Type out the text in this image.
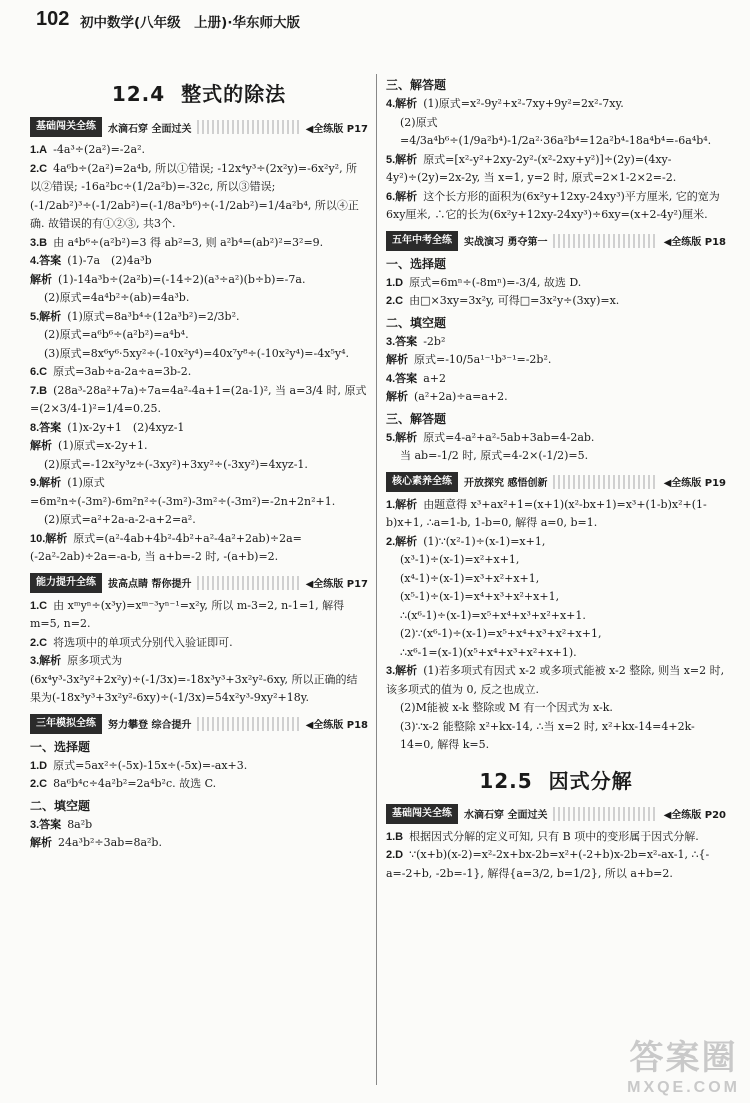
102 初中数学(八年级　上册)·华东师大版
12.4 整式的除法
基础闯关全练	水滴石穿 全面过关	◀全练版 P17

1.A -4a³÷(2a²)=-2a².

2.C 4a⁶b÷(2a²)=2a⁴b, 所以①错误; -12x⁴y³÷(2x²y)=-6x²y², 所以②错误; -16a²bc÷(1/2a²b)=-32c, 所以③错误; (-1/2ab²)³÷(-1/2ab²)=(-1/8a³b⁶)÷(-1/2ab²)=1/4a²b⁴, 所以④正确. 故错误的有①②③, 共3个.

3.B 由 a⁴b⁶÷(a²b²)=3 得 ab²=3, 则 a²b⁴=(ab²)²=3²=9.

4.答案 (1)-7a　(2)4a³b

解析 (1)-14a³b÷(2a²b)=(-14÷2)(a³÷a²)(b÷b)=-7a.

(2)原式=4a⁴b²÷(ab)=4a³b.

5.解析 (1)原式=8a³b⁴÷(12a³b²)=2/3b².

(2)原式=a⁶b⁶÷(a²b²)=a⁴b⁴.

(3)原式=8x⁶y⁶·5xy²÷(-10x²y⁴)=40x⁷y⁸÷(-10x²y⁴)=-4x⁵y⁴.

6.C 原式=3ab÷a-2a÷a=3b-2.

7.B (28a³-28a²+7a)÷7a=4a²-4a+1=(2a-1)², 当 a=3/4 时, 原式=(2×3/4-1)²=1/4=0.25.

8.答案 (1)x-2y+1　(2)4xyz-1

解析 (1)原式=x-2y+1.

(2)原式=-12x²y³z÷(-3xy²)+3xy²÷(-3xy²)=4xyz-1.

9.解析 (1)原式=6m²n÷(-3m²)-6m²n²÷(-3m²)-3m²÷(-3m²)=-2n+2n²+1.

(2)原式=a²+2a-a-2-a+2=a².

10.解析 原式=(a²-4ab+4b²-4b²+a²-4a²+2ab)÷2a=(-2a²-2ab)÷2a=-a-b, 当 a+b=-2 时, -(a+b)=2.

能力提升全练	拔高点睛 帮你提升	◀全练版 P17

1.C 由 xᵐyⁿ÷(x³y)=xᵐ⁻³yⁿ⁻¹=x²y, 所以 m-3=2, n-1=1, 解得 m=5, n=2.

2.C 将选项中的单项式分别代入验证即可.

3.解析 原多项式为(6x⁴y³-3x²y²+2x²y)÷(-1/3x)=-18x³y³+3x²y²-6xy, 所以正确的结果为(-18x³y³+3x²y²-6xy)÷(-1/3x)=54x²y³-9xy²+18y.

三年模拟全练	努力攀登 综合提升	◀全练版 P18
一、选择题

1.D 原式=5ax²÷(-5x)-15x÷(-5x)=-ax+3.

2.C 8a⁶b⁴c÷4a²b²=2a⁴b²c. 故选 C.

二、填空题

3.答案 8a²b

解析 24a³b²÷3ab=8a²b.

三、解答题

4.解析 (1)原式=x²-9y²+x²-7xy+9y²=2x²-7xy.

(2)原式=4/3a⁴b⁶÷(1/9a²b⁴)-1/2a²·36a²b⁴=12a²b⁴-18a⁴b⁴=-6a⁴b⁴.

5.解析 原式=[x²-y²+2xy-2y²-(x²-2xy+y²)]÷(2y)=(4xy-4y²)÷(2y)=2x-2y, 当 x=1, y=2 时, 原式=2×1-2×2=-2.

6.解析 这个长方形的面积为(6x²y+12xy-24xy³)平方厘米, 它的宽为6xy厘米, ∴它的长为(6x²y+12xy-24xy³)÷6xy=(x+2-4y²)厘米.

五年中考全练	实战演习 勇夺第一	◀全练版 P18
一、选择题

1.D 原式=6mⁿ÷(-8mⁿ)=-3/4, 故选 D.

2.C 由□×3xy=3x²y, 可得□=3x²y÷(3xy)=x.

二、填空题

3.答案 -2b²

解析 原式=-10/5a¹⁻¹b³⁻¹=-2b².

4.答案 a+2

解析 (a²+2a)÷a=a+2.

三、解答题

5.解析 原式=4-a²+a²-5ab+3ab=4-2ab.

当 ab=-1/2 时, 原式=4-2×(-1/2)=5.

核心素养全练	开放探究 感悟创新	◀全练版 P19

1.解析 由题意得 x³+ax²+1=(x+1)(x²-bx+1)=x³+(1-b)x²+(1-b)x+1, ∴a=1-b, 1-b=0, 解得 a=0, b=1.

2.解析 (1)∵(x²-1)÷(x-1)=x+1,

(x³-1)÷(x-1)=x²+x+1,

(x⁴-1)÷(x-1)=x³+x²+x+1,

(x⁵-1)÷(x-1)=x⁴+x³+x²+x+1,

∴(x⁶-1)÷(x-1)=x⁵+x⁴+x³+x²+x+1.

(2)∵(x⁶-1)÷(x-1)=x⁵+x⁴+x³+x²+x+1,

∴x⁶-1=(x-1)(x⁵+x⁴+x³+x²+x+1).

3.解析 (1)若多项式有因式 x-2 或多项式能被 x-2 整除, 则当 x=2 时, 该多项式的值为 0, 反之也成立.

(2)M能被 x-k 整除或 M 有一个因式为 x-k.

(3)∵x-2 能整除 x²+kx-14, ∴当 x=2 时, x²+kx-14=4+2k-14=0, 解得 k=5.

12.5 因式分解
基础闯关全练	水滴石穿 全面过关	◀全练版 P20

1.B 根据因式分解的定义可知, 只有 B 项中的变形属于因式分解.

2.D ∵(x+b)(x-2)=x²-2x+bx-2b=x²+(-2+b)x-2b=x²-ax-1, ∴{-a=-2+b, -2b=-1}, 解得{a=3/2, b=1/2}, 所以 a+b=2.

答案圈
MXQE.COM
